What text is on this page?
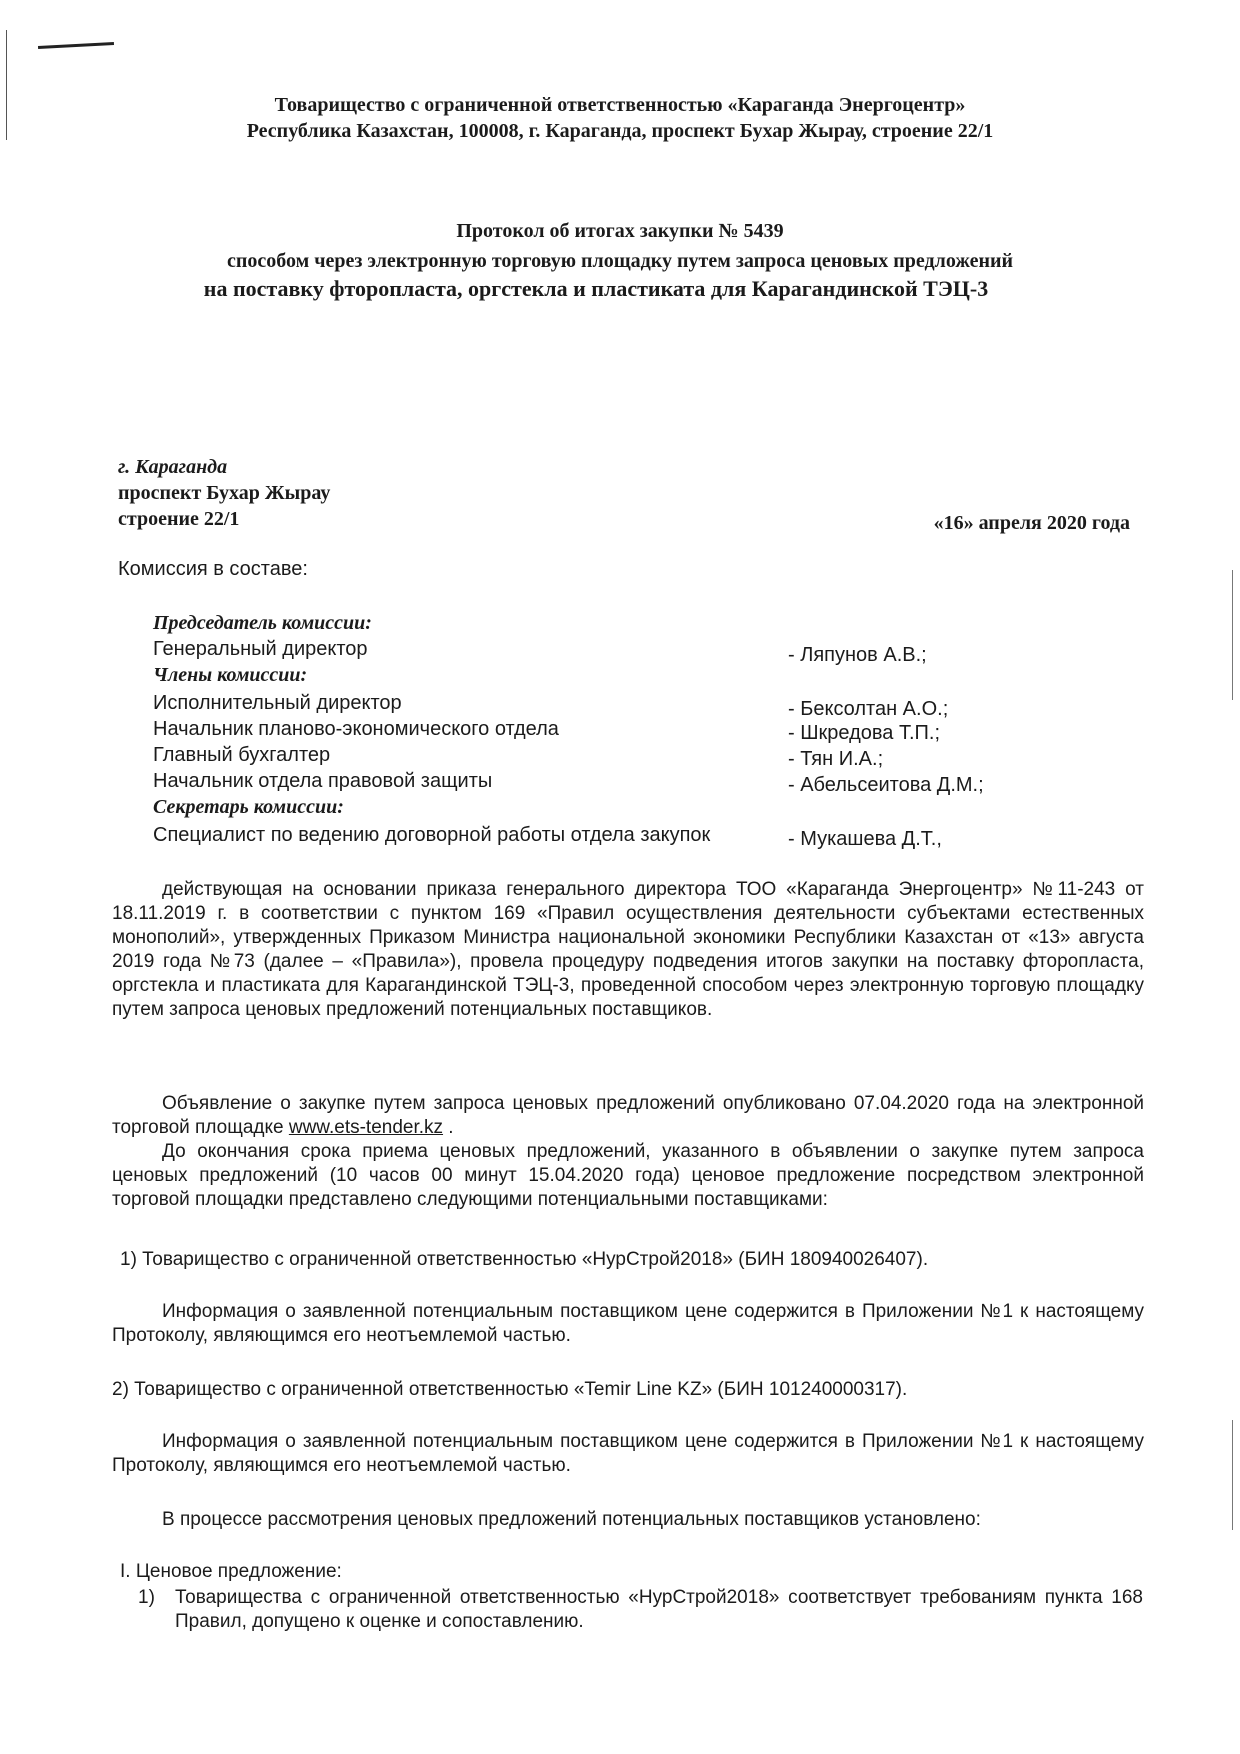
Товарищество с ограниченной ответственностью «Караганда Энергоцентр»
Республика Казахстан, 100008, г. Караганда, проспект Бухар Жырау, строение 22/1
Протокол об итогах закупки № 5439
способом через электронную торговую площадку путем запроса ценовых предложений
на поставку фторопласта, оргстекла и пластиката для Карагандинской ТЭЦ-3
г. Караганда
проспект Бухар Жырау
строение 22/1	«16» апреля 2020 года
Комиссия в составе:
Председатель комиссии:
Генеральный директор	- Ляпунов А.В.;
Члены комиссии:
Исполнительный директор	- Бексолтан А.О.;
Начальник планово-экономического отдела	- Шкредова Т.П.;
Главный бухгалтер	- Тян И.А.;
Начальник отдела правовой защиты	- Абельсеитова Д.М.;
Секретарь комиссии:
Специалист по ведению договорной работы отдела закупок	- Мукашева Д.Т.,

действующая на основании приказа генерального директора ТОО «Караганда Энергоцентр» №11-243 от 18.11.2019 г. в соответствии с пунктом 169 «Правил осуществления деятельности субъектами естественных монополий», утвержденных Приказом Министра национальной экономики Республики Казахстан от «13» августа 2019 года №73 (далее – «Правила»), провела процедуру подведения итогов закупки на поставку фторопласта, оргстекла и пластиката для Карагандинской ТЭЦ-3, проведенной способом через электронную торговую площадку путем запроса ценовых предложений потенциальных поставщиков.

Объявление о закупке путем запроса ценовых предложений опубликовано 07.04.2020 года на электронной торговой площадке www.ets-tender.kz .

До окончания срока приема ценовых предложений, указанного в объявлении о закупке путем запроса ценовых предложений (10 часов 00 минут 15.04.2020 года) ценовое предложение посредством электронной торговой площадки представлено следующими потенциальными поставщиками:

1) Товарищество с ограниченной ответственностью «НурСтрой2018» (БИН 180940026407).

Информация о заявленной потенциальным поставщиком цене содержится в Приложении №1 к настоящему Протоколу, являющимся его неотъемлемой частью.

2) Товарищество с ограниченной ответственностью «Temir Line KZ» (БИН 101240000317).

Информация о заявленной потенциальным поставщиком цене содержится в Приложении №1 к настоящему Протоколу, являющимся его неотъемлемой частью.

В процессе рассмотрения ценовых предложений потенциальных поставщиков установлено:

I. Ценовое предложение:
1) Товарищества с ограниченной ответственностью «НурСтрой2018» соответствует требованиям пункта 168 Правил, допущено к оценке и сопоставлению.
